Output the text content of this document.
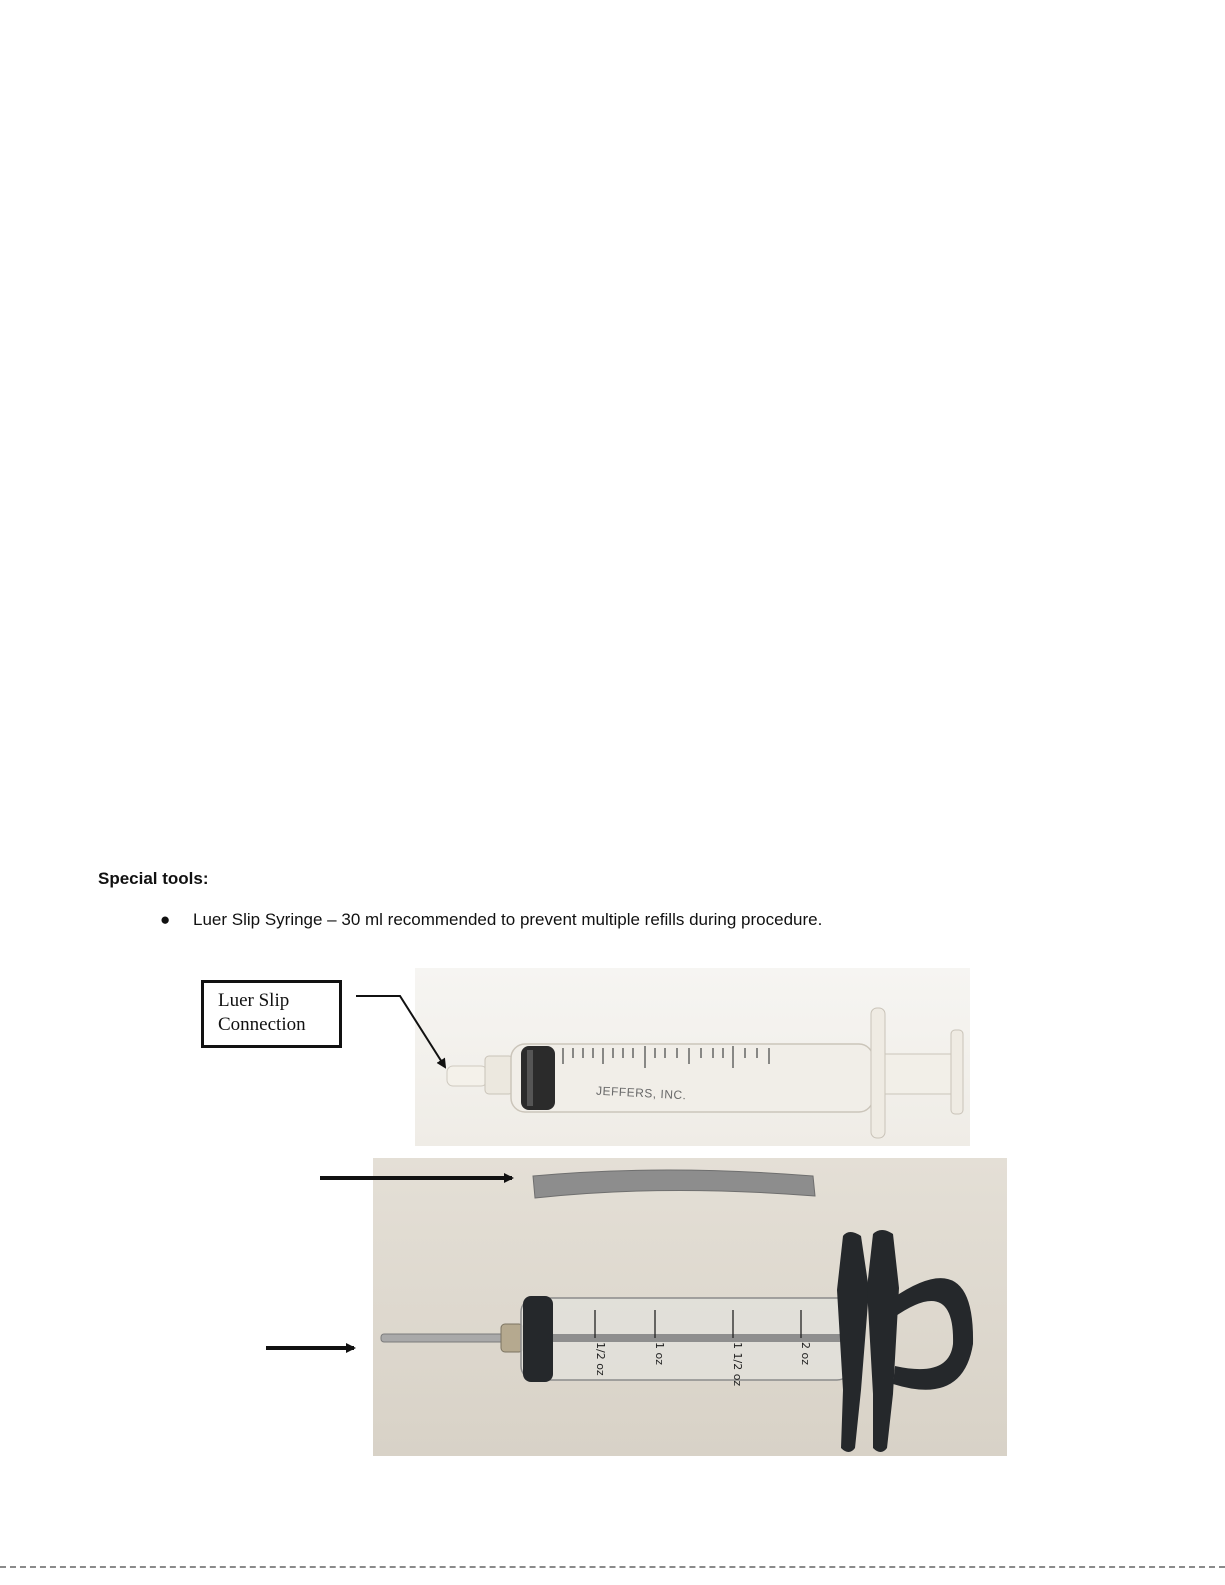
Special tools:
● Luer Slip Syringe – 30 ml recommended to prevent multiple refills during procedure.
JEFFERS, INC.
Luer Slip
Connection
1/2 oz	1 oz	1 1/2 oz	2 oz
